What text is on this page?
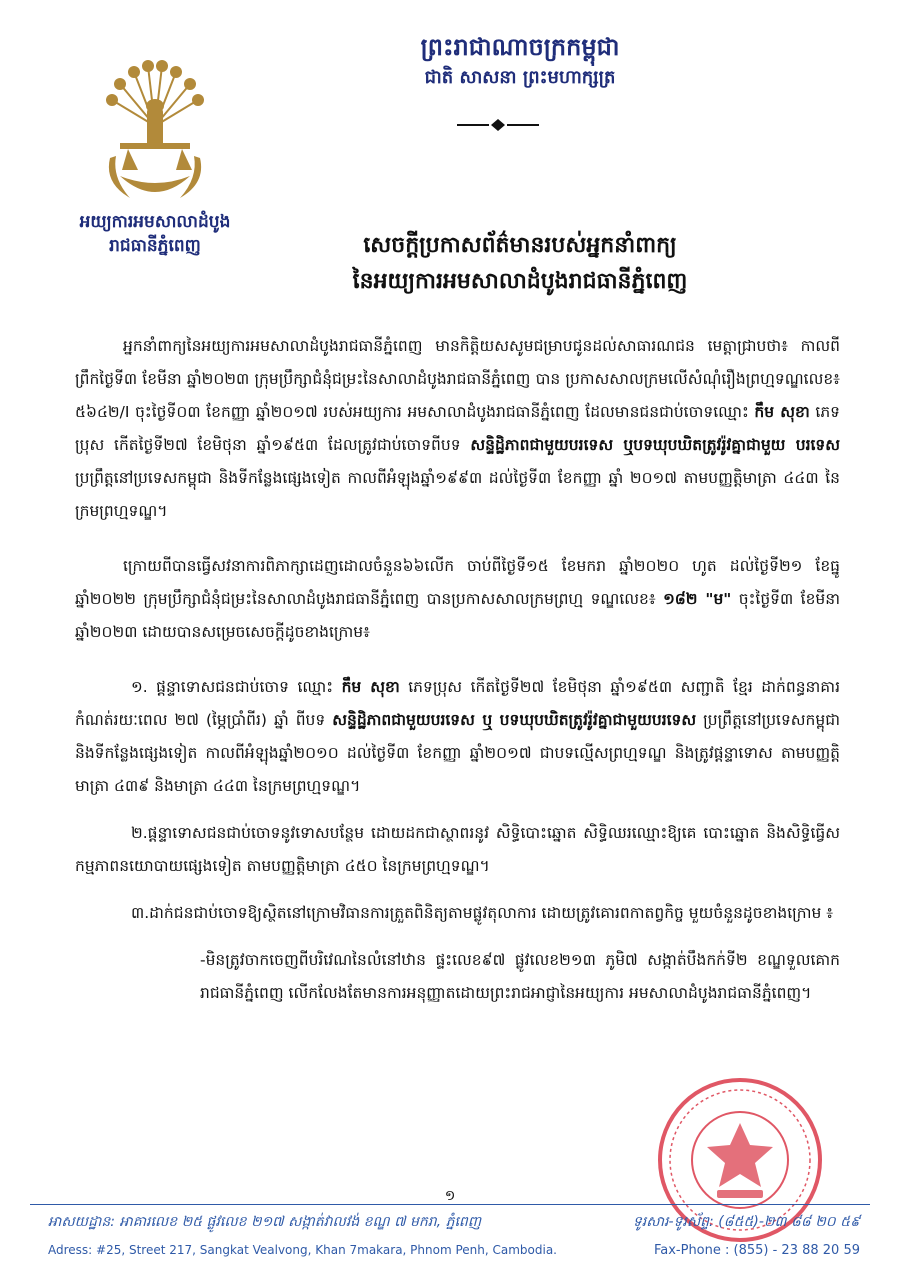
អយ្យការអមសាលាដំបូង
រាជធានីភ្នំពេញ
ព្រះរាជាណាចក្រកម្ពុជា
ជាតិ សាសនា ព្រះមហាក្សត្រ
សេចក្តីប្រកាសព័ត៌មានរបស់អ្នកនាំពាក្យ
នៃអយ្យការអមសាលាដំបូងរាជធានីភ្នំពេញ

អ្នកនាំពាក្យនៃអយ្យការអមសាលាដំបូងរាជធានីភ្នំពេញ មានកិត្តិយសសូមជម្រាបជូនដល់សាធារណជន មេត្តាជ្រាបថា៖ កាលពីព្រឹកថ្ងៃទី៣ ខែមីនា ឆ្នាំ២០២៣ ក្រុមប្រឹក្សាជំនុំជម្រះនៃសាលាដំបូងរាជធានីភ្នំពេញ បាន ប្រកាសសាលក្រមលើសំណុំរឿងព្រហ្មទណ្ឌលេខ៖ ៥៦៤២/I ចុះថ្ងៃទី០៣ ខែកញ្ញា ឆ្នាំ២០១៧ របស់អយ្យការ អមសាលាដំបូងរាជធានីភ្នំពេញ ដែលមានជនជាប់ចោទឈ្មោះ កឹម សុខា ភេទប្រុស កើតថ្ងៃទី២៧ ខែមិថុនា ឆ្នាំ១៩៥៣ ដែលត្រូវជាប់ចោទពីបទ សន្ទិដ្ឋិភាពជាមួយបរទេស ឬបទឃុបឃិតត្រូវរ៉ូវគ្នាជាមួយ បរទេស ប្រព្រឹត្តនៅប្រទេសកម្ពុជា និងទីកន្លែងផ្សេងទៀត កាលពីអំឡុងឆ្នាំ១៩៩៣ ដល់ថ្ងៃទី៣ ខែកញ្ញា ឆ្នាំ ២០១៧ តាមបញ្ញត្តិមាត្រា ៤៤៣ នៃក្រមព្រហ្មទណ្ឌ។

ក្រោយពីបានធ្វើសវនាការពិភាក្សាដេញដោលចំនួន៦៦លើក ចាប់ពីថ្ងៃទី១៥ ខែមករា ឆ្នាំ២០២០ ហូត ដល់ថ្ងៃទី២១ ខែធ្នូ ឆ្នាំ២០២២ ក្រុមប្រឹក្សាជំនុំជម្រះនៃសាលាដំបូងរាជធានីភ្នំពេញ បានប្រកាសសាលក្រមព្រហ្ម ទណ្ឌលេខ៖ ១៨២ "ម" ចុះថ្ងៃទី៣ ខែមីនា ឆ្នាំ២០២៣ ដោយបានសម្រេចសេចក្តីដូចខាងក្រោម៖

១. ផ្តន្ទាទោសជនជាប់ចោទ ឈ្មោះ កឹម សុខា ភេទប្រុស កើតថ្ងៃទី២៧ ខែមិថុនា ឆ្នាំ១៩៥៣ សញ្ជាតិ ខ្មែរ ដាក់ពន្ធនាគារកំណត់រយៈពេល ២៧ (ម្ភៃប្រាំពីរ) ឆ្នាំ ពីបទ សន្ទិដ្ឋិភាពជាមួយបរទេស ឬ បទឃុបឃិតត្រូវរ៉ូវគ្នាជាមួយបរទេស ប្រព្រឹត្តនៅប្រទេសកម្ពុជា និងទីកន្លែងផ្សេងទៀត កាលពីអំឡុងឆ្នាំ២០១០ ដល់ថ្ងៃទី៣ ខែកញ្ញា ឆ្នាំ២០១៧ ជាបទល្មើសព្រហ្មទណ្ឌ និងត្រូវផ្តន្ទាទោស តាមបញ្ញត្តិមាត្រា ៤៣៩ និងមាត្រា ៤៤៣ នៃក្រមព្រហ្មទណ្ឌ។

២.ផ្តន្ទាទោសជនជាប់ចោទនូវទោសបន្ថែម ដោយដកជាស្ថាពរនូវ សិទ្ធិបោះឆ្នោត សិទ្ធិឈរឈ្មោះឱ្យគេ បោះឆ្នោត និងសិទ្ធិធ្វើសកម្មភាពនយោបាយផ្សេងទៀត តាមបញ្ញត្តិមាត្រា ៤៥០ នៃក្រមព្រហ្មទណ្ឌ។

៣.ដាក់ជនជាប់ចោទឱ្យស្ថិតនៅក្រោមវិធានការត្រួតពិនិត្យតាមផ្លូវតុលាការ ដោយត្រូវគោរពកាតព្វកិច្ច មួយចំនួនដូចខាងក្រោម ៖

-មិនត្រូវចាកចេញពីបរិវេណនៃលំនៅឋាន ផ្ទះលេខ៩៧ ផ្លូវលេខ២១៣ ភូមិ៧ សង្កាត់បឹងកក់ទី២ ខណ្ឌទួលគោក រាជធានីភ្នំពេញ លើកលែងតែមានការអនុញ្ញាតដោយព្រះរាជអាជ្ញានៃអយ្យការ អមសាលាដំបូងរាជធានីភ្នំពេញ។

១
អាសយដ្ឋាន: អាគារលេខ ២៥ ផ្លូវលេខ ២១៧ សង្កាត់វាលវង់ ខណ្ឌ ៧ មករា, ភ្នំពេញ
Adress: #25, Street 217, Sangkat Vealvong, Khan 7makara, Phnom Penh, Cambodia.
ទូរសារ-ទូរស័ព្ទ: (៨៥៥)-២៣ ៨៨ ២០ ៥៩
Fax-Phone : (855) - 23 88 20 59
